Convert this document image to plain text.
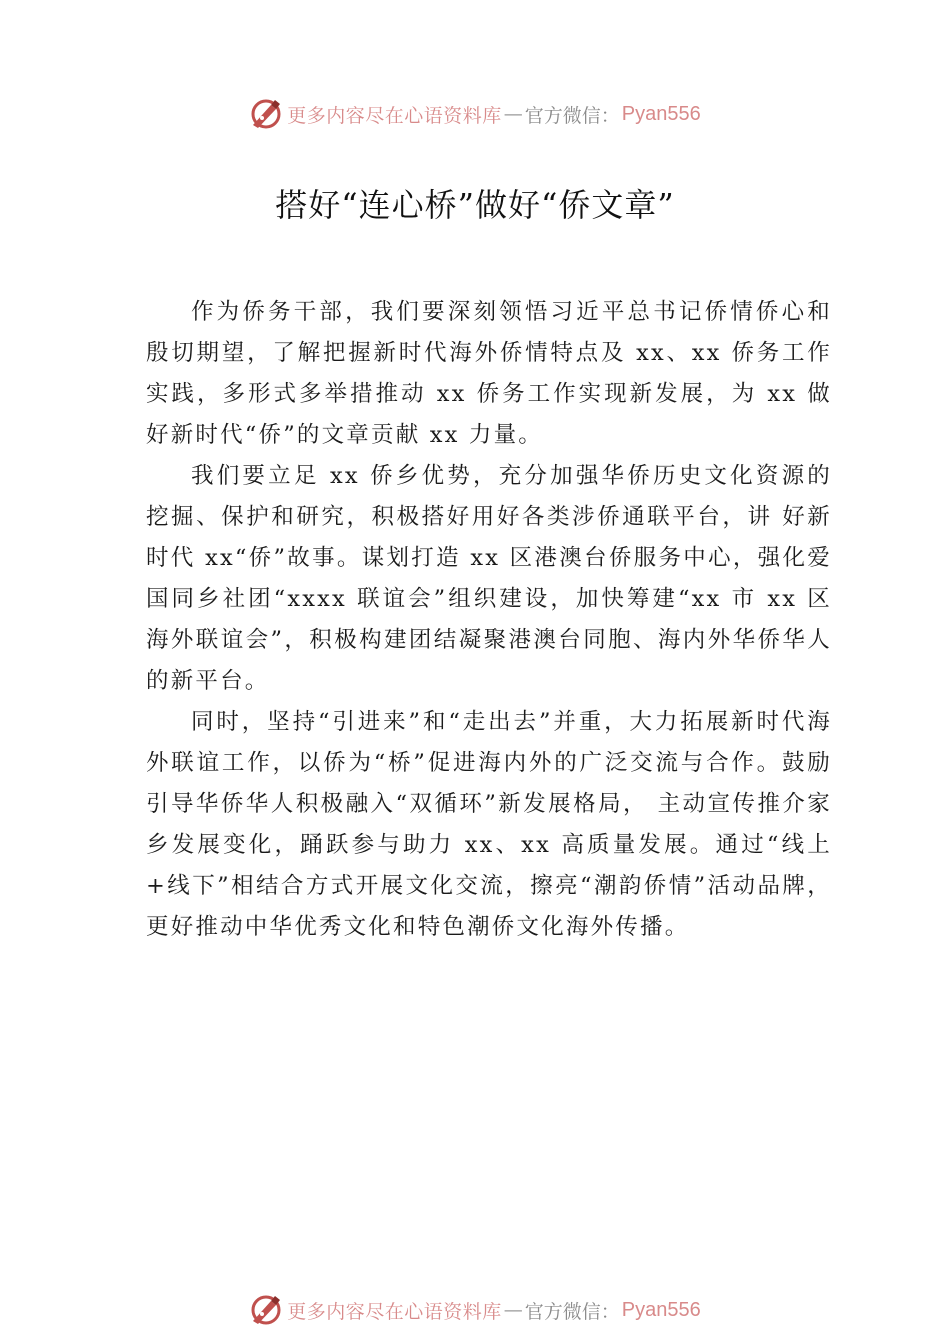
更多内容尽在心语资料库 — 官方微信： Pyan556
搭好“连心桥”做好“侨文章”

作为侨务干部，我们要深刻领悟习近平总书记侨情侨心和殷切期望，了解把握新时代海外侨情特点及 xx、xx 侨务工作实践，多形式多举措推动 xx 侨务工作实现新发展，为 xx 做好新时代“侨”的文章贡献 xx 力量。

我们要立足 xx 侨乡优势，充分加强华侨历史文化资源的挖掘、保护和研究，积极搭好用好各类涉侨通联平台，讲 好新时代 xx“侨”故事。谋划打造 xx 区港澳台侨服务中心，强化爱国同乡社团“xxxx 联谊会”组织建设，加快筹建“xx 市 xx 区海外联谊会”，积极构建团结凝聚港澳台同胞、海内外华侨华人的新平台。

同时，坚持“引进来”和“走出去”并重，大力拓展新时代海外联谊工作，以侨为“桥”促进海内外的广泛交流与合作。鼓励引导华侨华人积极融入“双循环”新发展格局， 主动宣传推介家乡发展变化，踊跃参与助力 xx、xx 高质量发展。通过“线上+线下”相结合方式开展文化交流，擦亮“潮韵侨情”活动品牌，更好推动中华优秀文化和特色潮侨文化海外传播。

更多内容尽在心语资料库 — 官方微信： Pyan556
